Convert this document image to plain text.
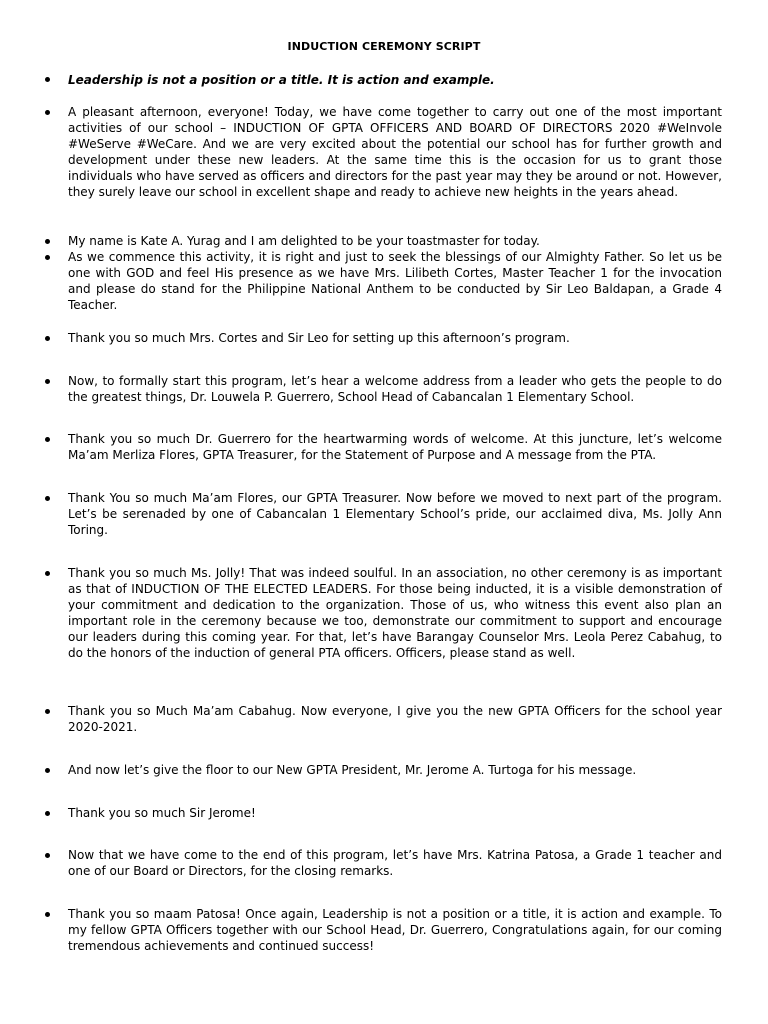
INDUCTION CEREMONY SCRIPT
Leadership is not a position or a title. It is action and example.
A pleasant afternoon, everyone! Today, we have come together to carry out one of the most important activities of our school – INDUCTION OF GPTA OFFICERS AND BOARD OF DIRECTORS 2020 #WeInvole #WeServe #WeCare. And we are very excited about the potential our school has for further growth and development under these new leaders. At the same time this is the occasion for us to grant those individuals who have served as officers and directors for the past year may they be around or not. However, they surely leave our school in excellent shape and ready to achieve new heights in the years ahead.
My name is Kate A. Yurag and I am delighted to be your toastmaster for today.
As we commence this activity, it is right and just to seek the blessings of our Almighty Father. So let us be one with GOD and feel His presence as we have Mrs. Lilibeth Cortes, Master Teacher 1 for the invocation and please do stand for the Philippine National Anthem to be conducted by Sir Leo Baldapan, a Grade 4 Teacher.
Thank you so much Mrs. Cortes and Sir Leo for setting up this afternoon’s program.
Now, to formally start this program, let’s hear a welcome address from a leader who gets the people to do the greatest things, Dr. Louwela P. Guerrero, School Head of Cabancalan 1 Elementary School.
Thank you so much Dr. Guerrero for the heartwarming words of welcome. At this juncture, let’s welcome Ma’am Merliza Flores, GPTA Treasurer, for the Statement of Purpose and A message from the PTA.
Thank You so much Ma’am Flores, our GPTA Treasurer. Now before we moved to next part of the program. Let’s be serenaded by one of Cabancalan 1 Elementary School’s pride, our acclaimed diva, Ms. Jolly Ann Toring.
Thank you so much Ms. Jolly! That was indeed soulful. In an association, no other ceremony is as important as that of INDUCTION OF THE ELECTED LEADERS. For those being inducted, it is a visible demonstration of your commitment and dedication to the organization. Those of us, who witness this event also plan an important role in the ceremony because we too, demonstrate our commitment to support and encourage our leaders during this coming year. For that, let’s have Barangay Counselor Mrs. Leola Perez Cabahug, to do the honors of the induction of general PTA officers. Officers, please stand as well.
Thank you so Much Ma’am Cabahug. Now everyone, I give you the new GPTA Officers for the school year 2020-2021.
And now let’s give the floor to our New GPTA President, Mr. Jerome A. Turtoga for his message.
Thank you so much Sir Jerome!
Now that we have come to the end of this program, let’s have Mrs. Katrina Patosa, a Grade 1 teacher and one of our Board or Directors, for the closing remarks.
Thank you so maam Patosa! Once again, Leadership is not a position or a title, it is action and example. To my fellow GPTA Officers together with our School Head, Dr. Guerrero, Congratulations again, for our coming tremendous achievements and continued success!
